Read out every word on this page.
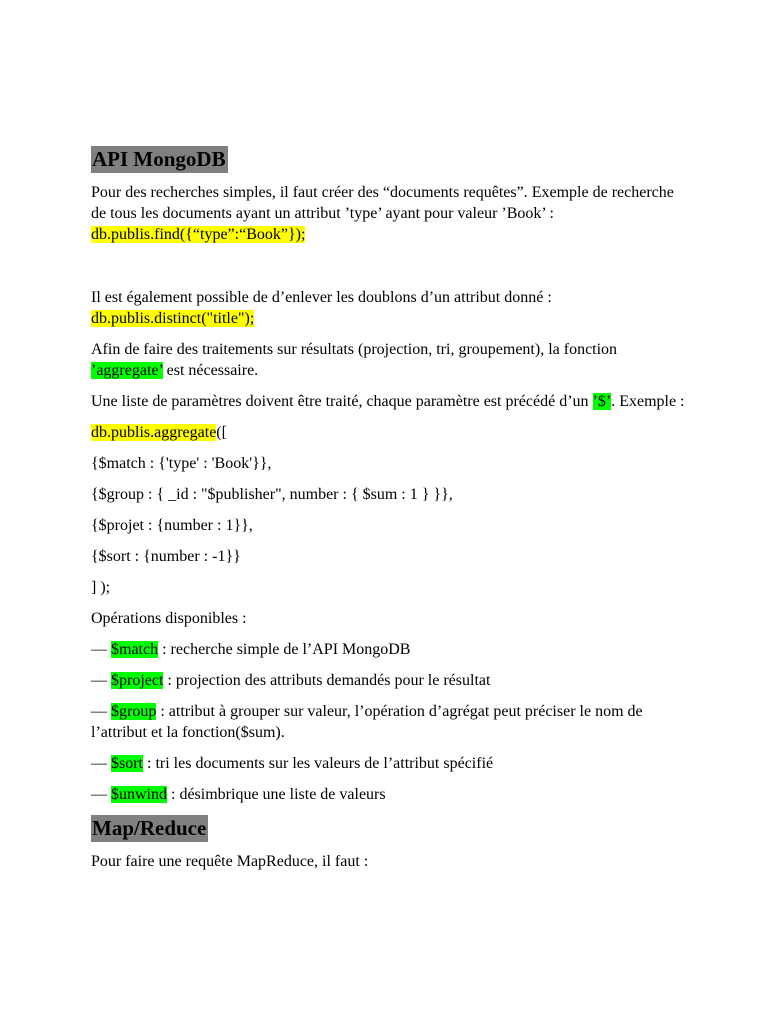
API MongoDB

Pour des recherches simples, il faut créer des “documents requêtes”. Exemple de recherche de tous les documents ayant un attribut ’type’ ayant pour valeur ’Book’ : db.publis.find({“type”:“Book”});

Il est également possible de d’enlever les doublons d’un attribut donné : db.publis.distinct("title");

Afin de faire des traitements sur résultats (projection, tri, groupement), la fonction ’aggregate’ est nécessaire.

Une liste de paramètres doivent être traité, chaque paramètre est précédé d’un ’$’. Exemple :

db.publis.aggregate([

{$match : {'type' : 'Book'}},
{$group : { _id : "$publisher", number : { $sum : 1 } }},
{$projet : {number : 1}},
{$sort : {number : -1}}
] );

Opérations disponibles :

— $match : recherche simple de l’API MongoDB

— $project : projection des attributs demandés pour le résultat

— $group : attribut à grouper sur valeur, l’opération d’agrégat peut préciser le nom de l’attribut et la fonction($sum).

— $sort : tri les documents sur les valeurs de l’attribut spécifié

— $unwind : désimbrique une liste de valeurs

Map/Reduce

Pour faire une requête MapReduce, il faut :
